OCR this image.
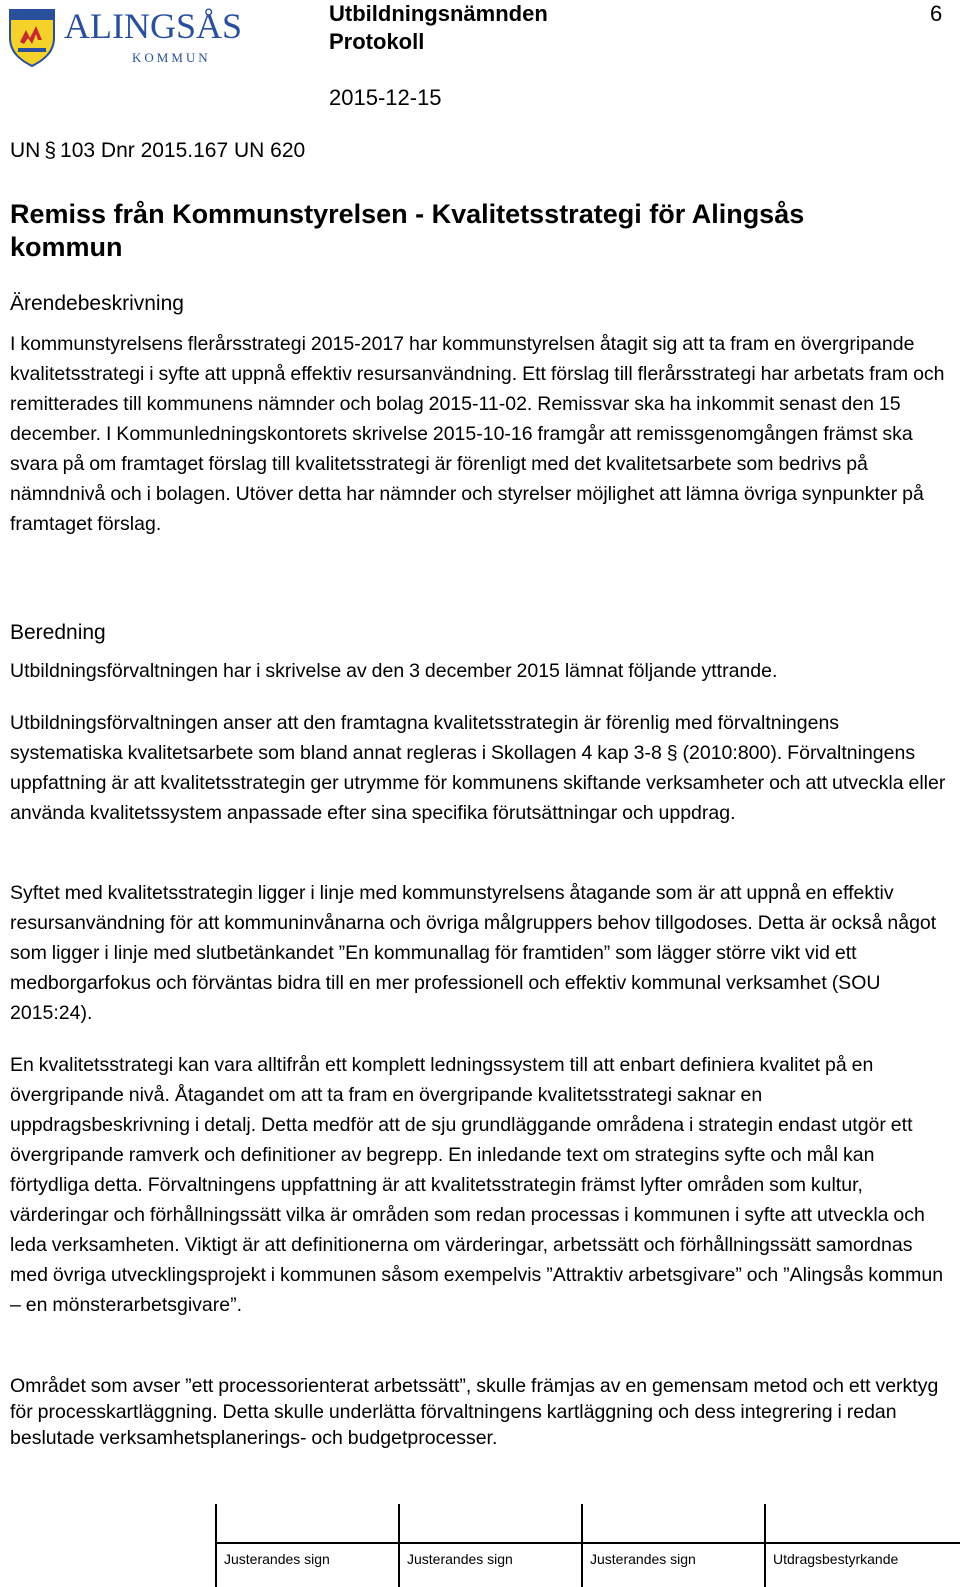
ALINGSÅS
KOMMUN
Utbildningsnämnden
Protokoll
6
2015-12-15
UN § 103 Dnr 2015.167 UN 620
Remiss från Kommunstyrelsen - Kvalitetsstrategi för Alingsås kommun
Ärendebeskrivning

I kommunstyrelsens flerårsstrategi 2015-2017 har kommunstyrelsen åtagit sig att ta fram en övergripande kvalitetsstrategi i syfte att uppnå effektiv resursanvändning. Ett förslag till flerårsstrategi har arbetats fram och remitterades till kommunens nämnder och bolag 2015-11-02. Remissvar ska ha inkommit senast den 15 december. I Kommunledningskontorets skrivelse 2015-10-16 framgår att remissgenomgången främst ska svara på om framtaget förslag till kvalitetsstrategi är förenligt med det kvalitetsarbete som bedrivs på nämndnivå och i bolagen. Utöver detta har nämnder och styrelser möjlighet att lämna övriga synpunkter på framtaget förslag.

Beredning

Utbildningsförvaltningen har i skrivelse av den 3 december 2015 lämnat följande yttrande.

Utbildningsförvaltningen anser att den framtagna kvalitetsstrategin är förenlig med förvaltningens systematiska kvalitetsarbete som bland annat regleras i Skollagen 4 kap 3-8 § (2010:800). Förvaltningens uppfattning är att kvalitetsstrategin ger utrymme för kommunens skiftande verksamheter och att utveckla eller använda kvalitetssystem anpassade efter sina specifika förutsättningar och uppdrag.

Syftet med kvalitetsstrategin ligger i linje med kommunstyrelsens åtagande som är att uppnå en effektiv resursanvändning för att kommuninvånarna och övriga målgruppers behov tillgodoses. Detta är också något som ligger i linje med slutbetänkandet ”En kommunallag för framtiden” som lägger större vikt vid ett medborgarfokus och förväntas bidra till en mer professionell och effektiv kommunal verksamhet (SOU 2015:24).

En kvalitetsstrategi kan vara alltifrån ett komplett ledningssystem till att enbart definiera kvalitet på en övergripande nivå. Åtagandet om att ta fram en övergripande kvalitetsstrategi saknar en uppdragsbeskrivning i detalj. Detta medför att de sju grundläggande områdena i strategin endast utgör ett övergripande ramverk och definitioner av begrepp. En inledande text om strategins syfte och mål kan förtydliga detta. Förvaltningens uppfattning är att kvalitetsstrategin främst lyfter områden som kultur, värderingar och förhållningssätt vilka är områden som redan processas i kommunen i syfte att utveckla och leda verksamheten. Viktigt är att definitionerna om värderingar, arbetssätt och förhållningssätt samordnas med övriga utvecklingsprojekt i kommunen såsom exempelvis ”Attraktiv arbetsgivare” och ”Alingsås kommun – en mönsterarbetsgivare”.

Området som avser ”ett processorienterat arbetssätt”, skulle främjas av en gemensam metod och ett verktyg för processkartläggning. Detta skulle underlätta förvaltningens kartläggning och dess integrering i redan beslutade verksamhetsplanerings- och budgetprocesser.

Justerandes sign	Justerandes sign	Justerandes sign	Utdragsbestyrkande
